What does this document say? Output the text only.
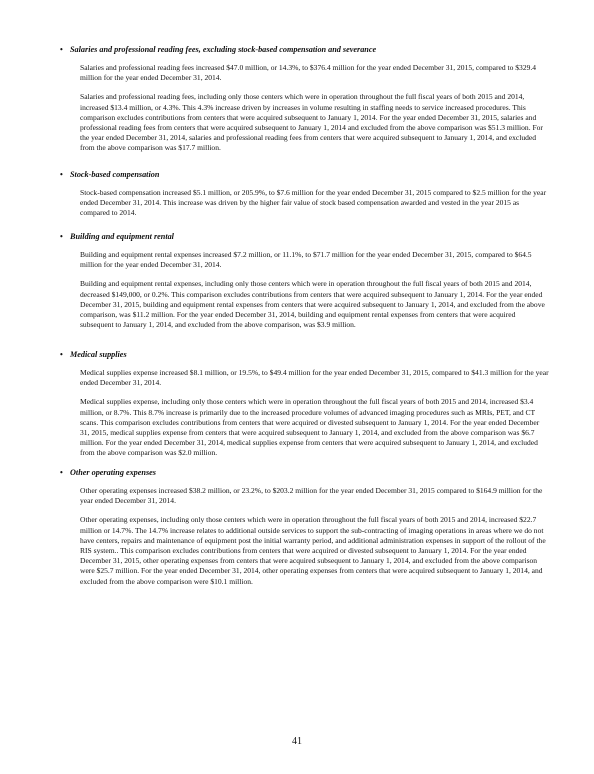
• Salaries and professional reading fees, excluding stock-based compensation and severance

Salaries and professional reading fees increased $47.0 million, or 14.3%, to $376.4 million for the year ended December 31, 2015, compared to $329.4 million for the year ended December 31, 2014.

Salaries and professional reading fees, including only those centers which were in operation throughout the full fiscal years of both 2015 and 2014, increased $13.4 million, or 4.3%. This 4.3% increase driven by increases in volume resulting in staffing needs to service increased procedures. This comparison excludes contributions from centers that were acquired subsequent to January 1, 2014. For the year ended December 31, 2015, salaries and professional reading fees from centers that were acquired subsequent to January 1, 2014 and excluded from the above comparison was $51.3 million. For the year ended December 31, 2014, salaries and professional reading fees from centers that were acquired subsequent to January 1, 2014, and excluded from the above comparison was $17.7 million.

• Stock-based compensation

Stock-based compensation increased $5.1 million, or 205.9%, to $7.6 million for the year ended December 31, 2015 compared to $2.5 million for the year ended December 31, 2014. This increase was driven by the higher fair value of stock based compensation awarded and vested in the year 2015 as compared to 2014.

• Building and equipment rental

Building and equipment rental expenses increased $7.2 million, or 11.1%, to $71.7 million for the year ended December 31, 2015, compared to $64.5 million for the year ended December 31, 2014.

Building and equipment rental expenses, including only those centers which were in operation throughout the full fiscal years of both 2015 and 2014, decreased $149,000, or 0.2%. This comparison excludes contributions from centers that were acquired subsequent to January 1, 2014. For the year ended December 31, 2015, building and equipment rental expenses from centers that were acquired subsequent to January 1, 2014, and excluded from the above comparison, was $11.2 million. For the year ended December 31, 2014, building and equipment rental expenses from centers that were acquired subsequent to January 1, 2014, and excluded from the above comparison, was $3.9 million.

• Medical supplies

Medical supplies expense increased $8.1 million, or 19.5%, to $49.4 million for the year ended December 31, 2015, compared to $41.3 million for the year ended December 31, 2014.

Medical supplies expense, including only those centers which were in operation throughout the full fiscal years of both 2015 and 2014, increased $3.4 million, or 8.7%. This 8.7% increase is primarily due to the increased procedure volumes of advanced imaging procedures such as MRIs, PET, and CT scans. This comparison excludes contributions from centers that were acquired or divested subsequent to January 1, 2014. For the year ended December 31, 2015, medical supplies expense from centers that were acquired subsequent to January 1, 2014, and excluded from the above comparison was $6.7 million. For the year ended December 31, 2014, medical supplies expense from centers that were acquired subsequent to January 1, 2014, and excluded from the above comparison was $2.0 million.

• Other operating expenses

Other operating expenses increased $38.2 million, or 23.2%, to $203.2 million for the year ended December 31, 2015 compared to $164.9 million for the year ended December 31, 2014.

Other operating expenses, including only those centers which were in operation throughout the full fiscal years of both 2015 and 2014, increased $22.7 million or 14.7%. The 14.7% increase relates to additional outside services to support the sub-contracting of imaging operations in areas where we do not have centers, repairs and maintenance of equipment post the initial warranty period, and additional administration expenses in support of the rollout of the RIS system.. This comparison excludes contributions from centers that were acquired or divested subsequent to January 1, 2014. For the year ended December 31, 2015, other operating expenses from centers that were acquired subsequent to January 1, 2014, and excluded from the above comparison were $25.7 million. For the year ended December 31, 2014, other operating expenses from centers that were acquired subsequent to January 1, 2014, and excluded from the above comparison were $10.1 million.

41
